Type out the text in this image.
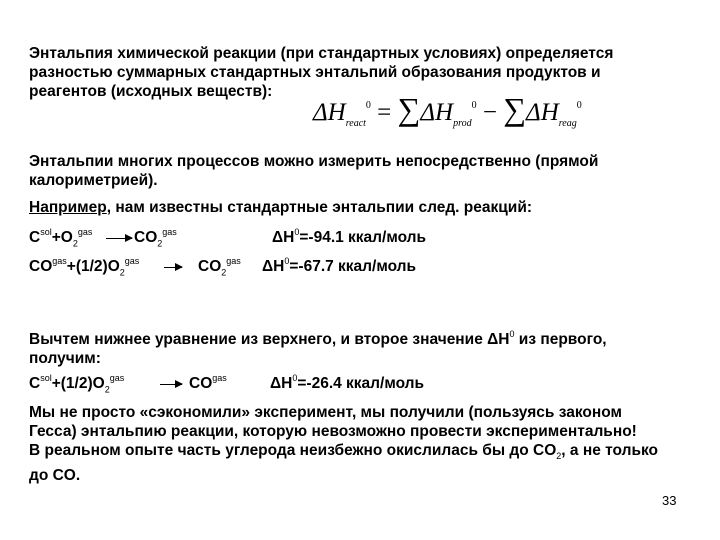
Энтальпия химической реакции (при стандартных условиях) определяется
разностью суммарных стандартных энтальпий образования продуктов и
реагентов (исходных веществ):
$\Delta H_{react}^0 = \sum\Delta H_{prod}^0 - \sum\Delta H_{reag}^0$
Энтальпии многих процессов можно измерить непосредственно (прямой
калориметрией).
Например, нам известны стандартные энтальпии след. реакций:
$C^{sol}+O_2^{gas} \to CO_2^{gas}$	$\Delta H^0=-94.1$ ккал/моль
$CO^{gas}+(1/2)O_2^{gas} \to CO_2^{gas}$ $\Delta H^0=-67.7$ ккал/моль
Вычтем нижнее уравнение из верхнего, и второе значение $\Delta H^0$ из первого,
получим:
$C^{sol}+(1/2)O_2^{gas} \to CO^{gas}$	$\Delta H^0=-26.4$ ккал/моль
Мы не просто «сэкономили» эксперимент, мы получили (пользуясь законом
Гесса) энтальпию реакции, которую невозможно провести экспериментально!
В реальном опыте часть углерода неизбежно окислилась бы до $CO_2$, а не только
до CO.
33
